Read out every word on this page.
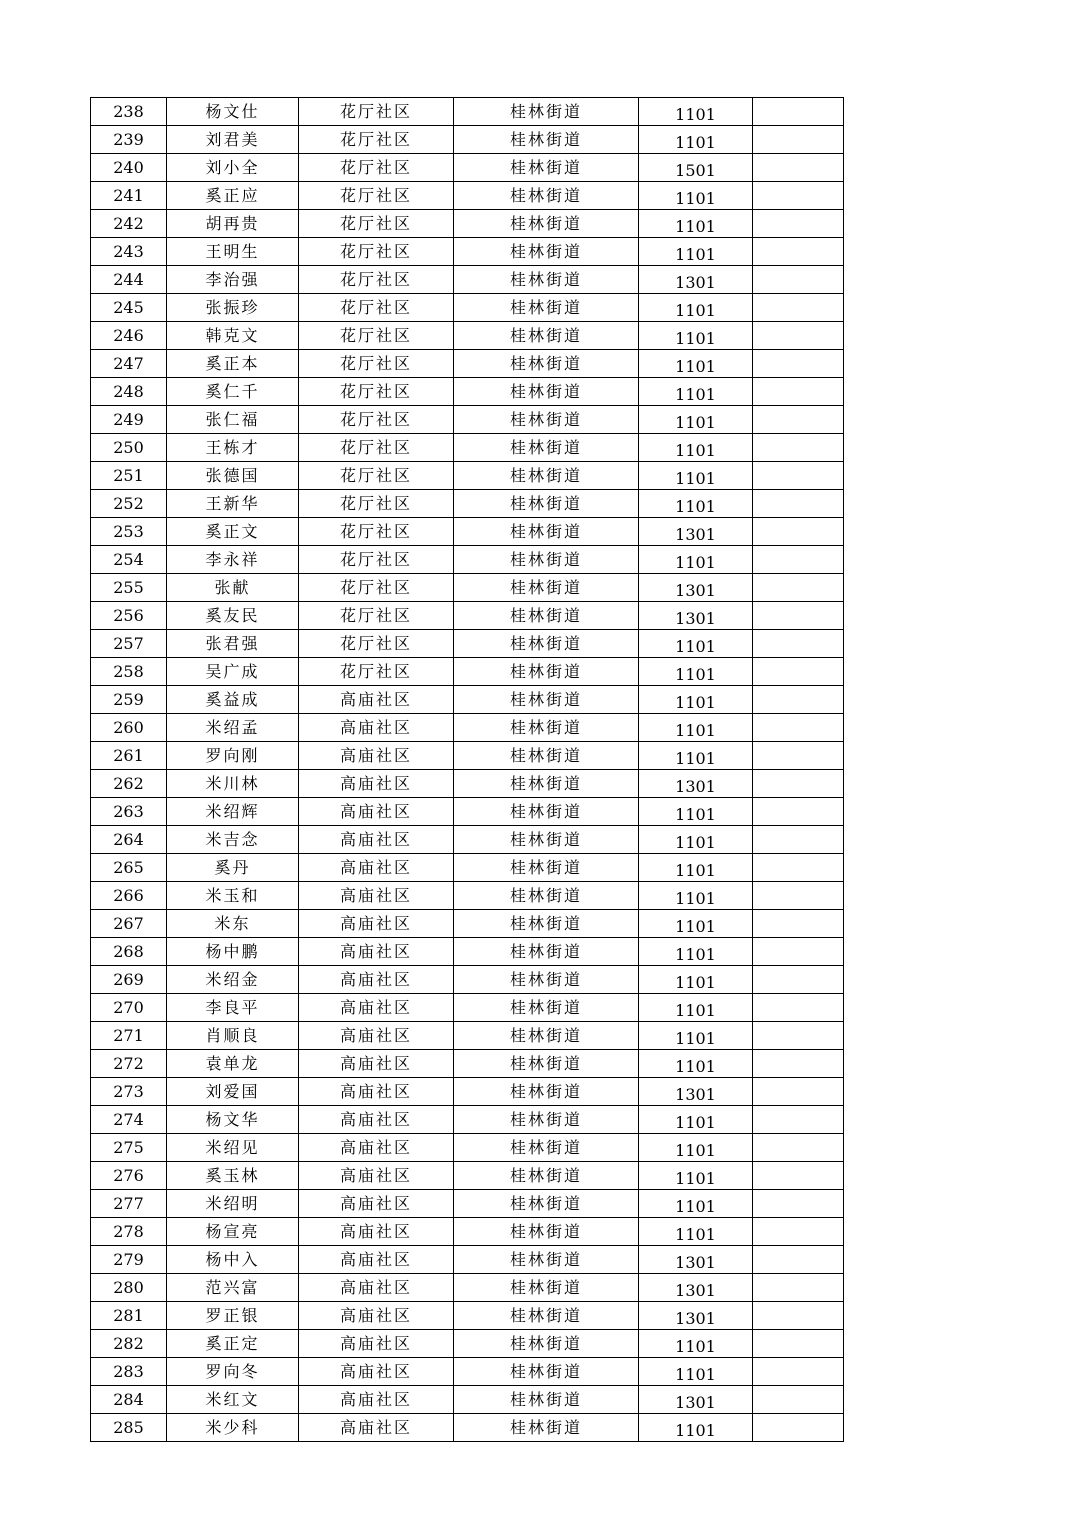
238	杨文仕	花厅社区	桂林街道	1101	
239	刘君美	花厅社区	桂林街道	1101	
240	刘小全	花厅社区	桂林街道	1501	
241	奚正应	花厅社区	桂林街道	1101	
242	胡再贵	花厅社区	桂林街道	1101	
243	王明生	花厅社区	桂林街道	1101	
244	李治强	花厅社区	桂林街道	1301	
245	张振珍	花厅社区	桂林街道	1101	
246	韩克文	花厅社区	桂林街道	1101	
247	奚正本	花厅社区	桂林街道	1101	
248	奚仁千	花厅社区	桂林街道	1101	
249	张仁福	花厅社区	桂林街道	1101	
250	王栋才	花厅社区	桂林街道	1101	
251	张德国	花厅社区	桂林街道	1101	
252	王新华	花厅社区	桂林街道	1101	
253	奚正文	花厅社区	桂林街道	1301	
254	李永祥	花厅社区	桂林街道	1101	
255	张献	花厅社区	桂林街道	1301	
256	奚友民	花厅社区	桂林街道	1301	
257	张君强	花厅社区	桂林街道	1101	
258	吴广成	花厅社区	桂林街道	1101	
259	奚益成	高庙社区	桂林街道	1101	
260	米绍孟	高庙社区	桂林街道	1101	
261	罗向刚	高庙社区	桂林街道	1101	
262	米川林	高庙社区	桂林街道	1301	
263	米绍辉	高庙社区	桂林街道	1101	
264	米吉念	高庙社区	桂林街道	1101	
265	奚丹	高庙社区	桂林街道	1101	
266	米玉和	高庙社区	桂林街道	1101	
267	米东	高庙社区	桂林街道	1101	
268	杨中鹏	高庙社区	桂林街道	1101	
269	米绍金	高庙社区	桂林街道	1101	
270	李良平	高庙社区	桂林街道	1101	
271	肖顺良	高庙社区	桂林街道	1101	
272	袁单龙	高庙社区	桂林街道	1101	
273	刘爱国	高庙社区	桂林街道	1301	
274	杨文华	高庙社区	桂林街道	1101	
275	米绍见	高庙社区	桂林街道	1101	
276	奚玉林	高庙社区	桂林街道	1101	
277	米绍明	高庙社区	桂林街道	1101	
278	杨宣亮	高庙社区	桂林街道	1101	
279	杨中入	高庙社区	桂林街道	1301	
280	范兴富	高庙社区	桂林街道	1301	
281	罗正银	高庙社区	桂林街道	1301	
282	奚正定	高庙社区	桂林街道	1101	
283	罗向冬	高庙社区	桂林街道	1101	
284	米红文	高庙社区	桂林街道	1301	
285	米少科	高庙社区	桂林街道	1101	
